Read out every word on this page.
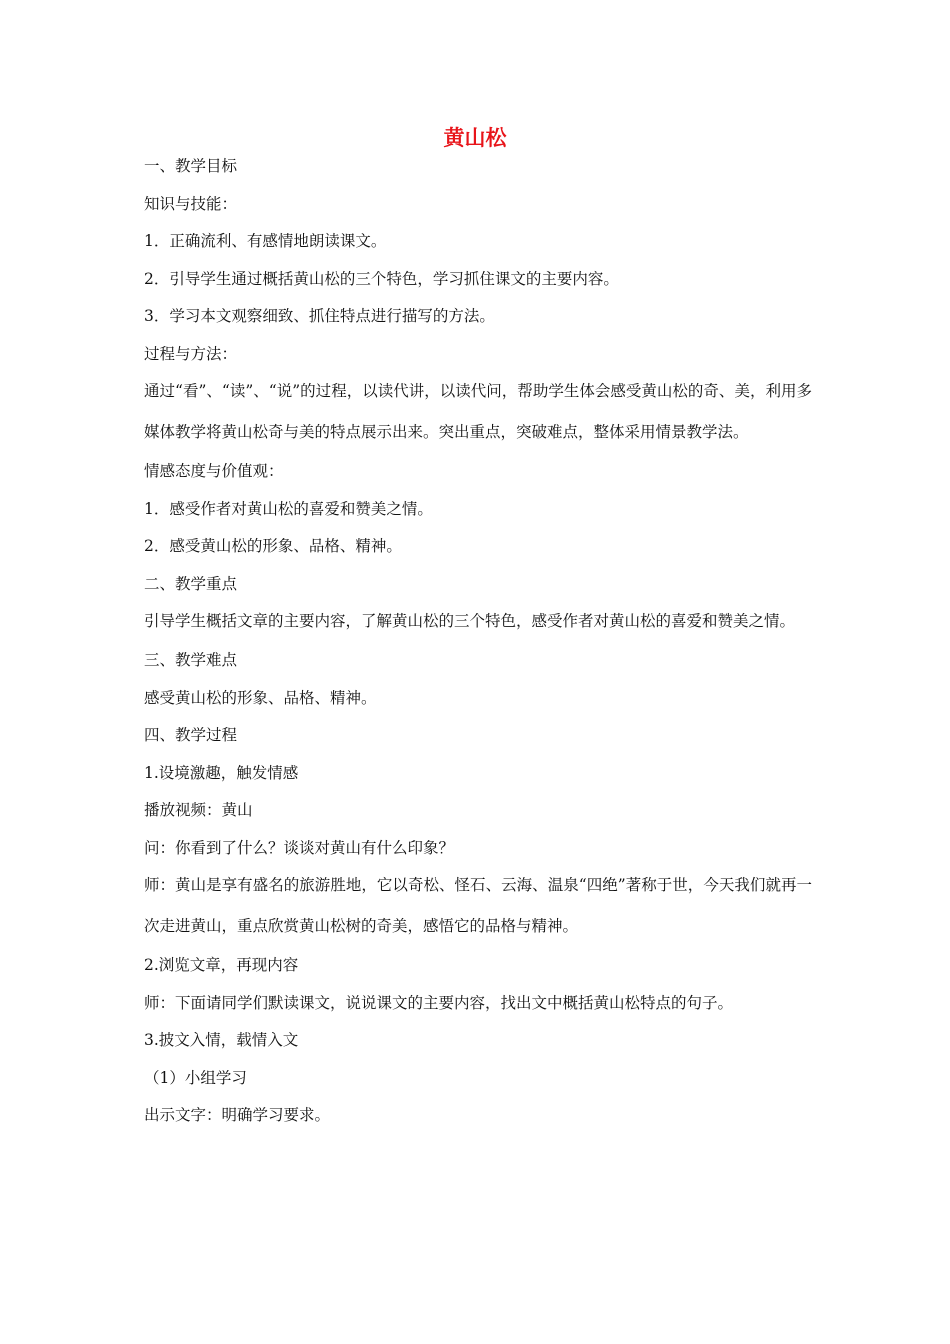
黄山松
一、教学目标
知识与技能：
1．正确流利、有感情地朗读课文。
2．引导学生通过概括黄山松的三个特色，学习抓住课文的主要内容。
3．学习本文观察细致、抓住特点进行描写的方法。
过程与方法：
通过“看”、“读”、“说”的过程，以读代讲，以读代问，帮助学生体会感受黄山松的奇、美，利用多媒体教学将黄山松奇与美的特点展示出来。突出重点，突破难点，整体采用情景教学法。
情感态度与价值观：
1．感受作者对黄山松的喜爱和赞美之情。
2．感受黄山松的形象、品格、精神。
二、教学重点
引导学生概括文章的主要内容，了解黄山松的三个特色，感受作者对黄山松的喜爱和赞美之情。
三、教学难点
感受黄山松的形象、品格、精神。
四、教学过程
1.设境激趣，触发情感
播放视频：黄山
问：你看到了什么？谈谈对黄山有什么印象？
师：黄山是享有盛名的旅游胜地，它以奇松、怪石、云海、温泉“四绝”著称于世，今天我们就再一次走进黄山，重点欣赏黄山松树的奇美，感悟它的品格与精神。
2.浏览文章，再现内容
师：下面请同学们默读课文，说说课文的主要内容，找出文中概括黄山松特点的句子。
3.披文入情，载情入文
（1）小组学习
出示文字：明确学习要求。
